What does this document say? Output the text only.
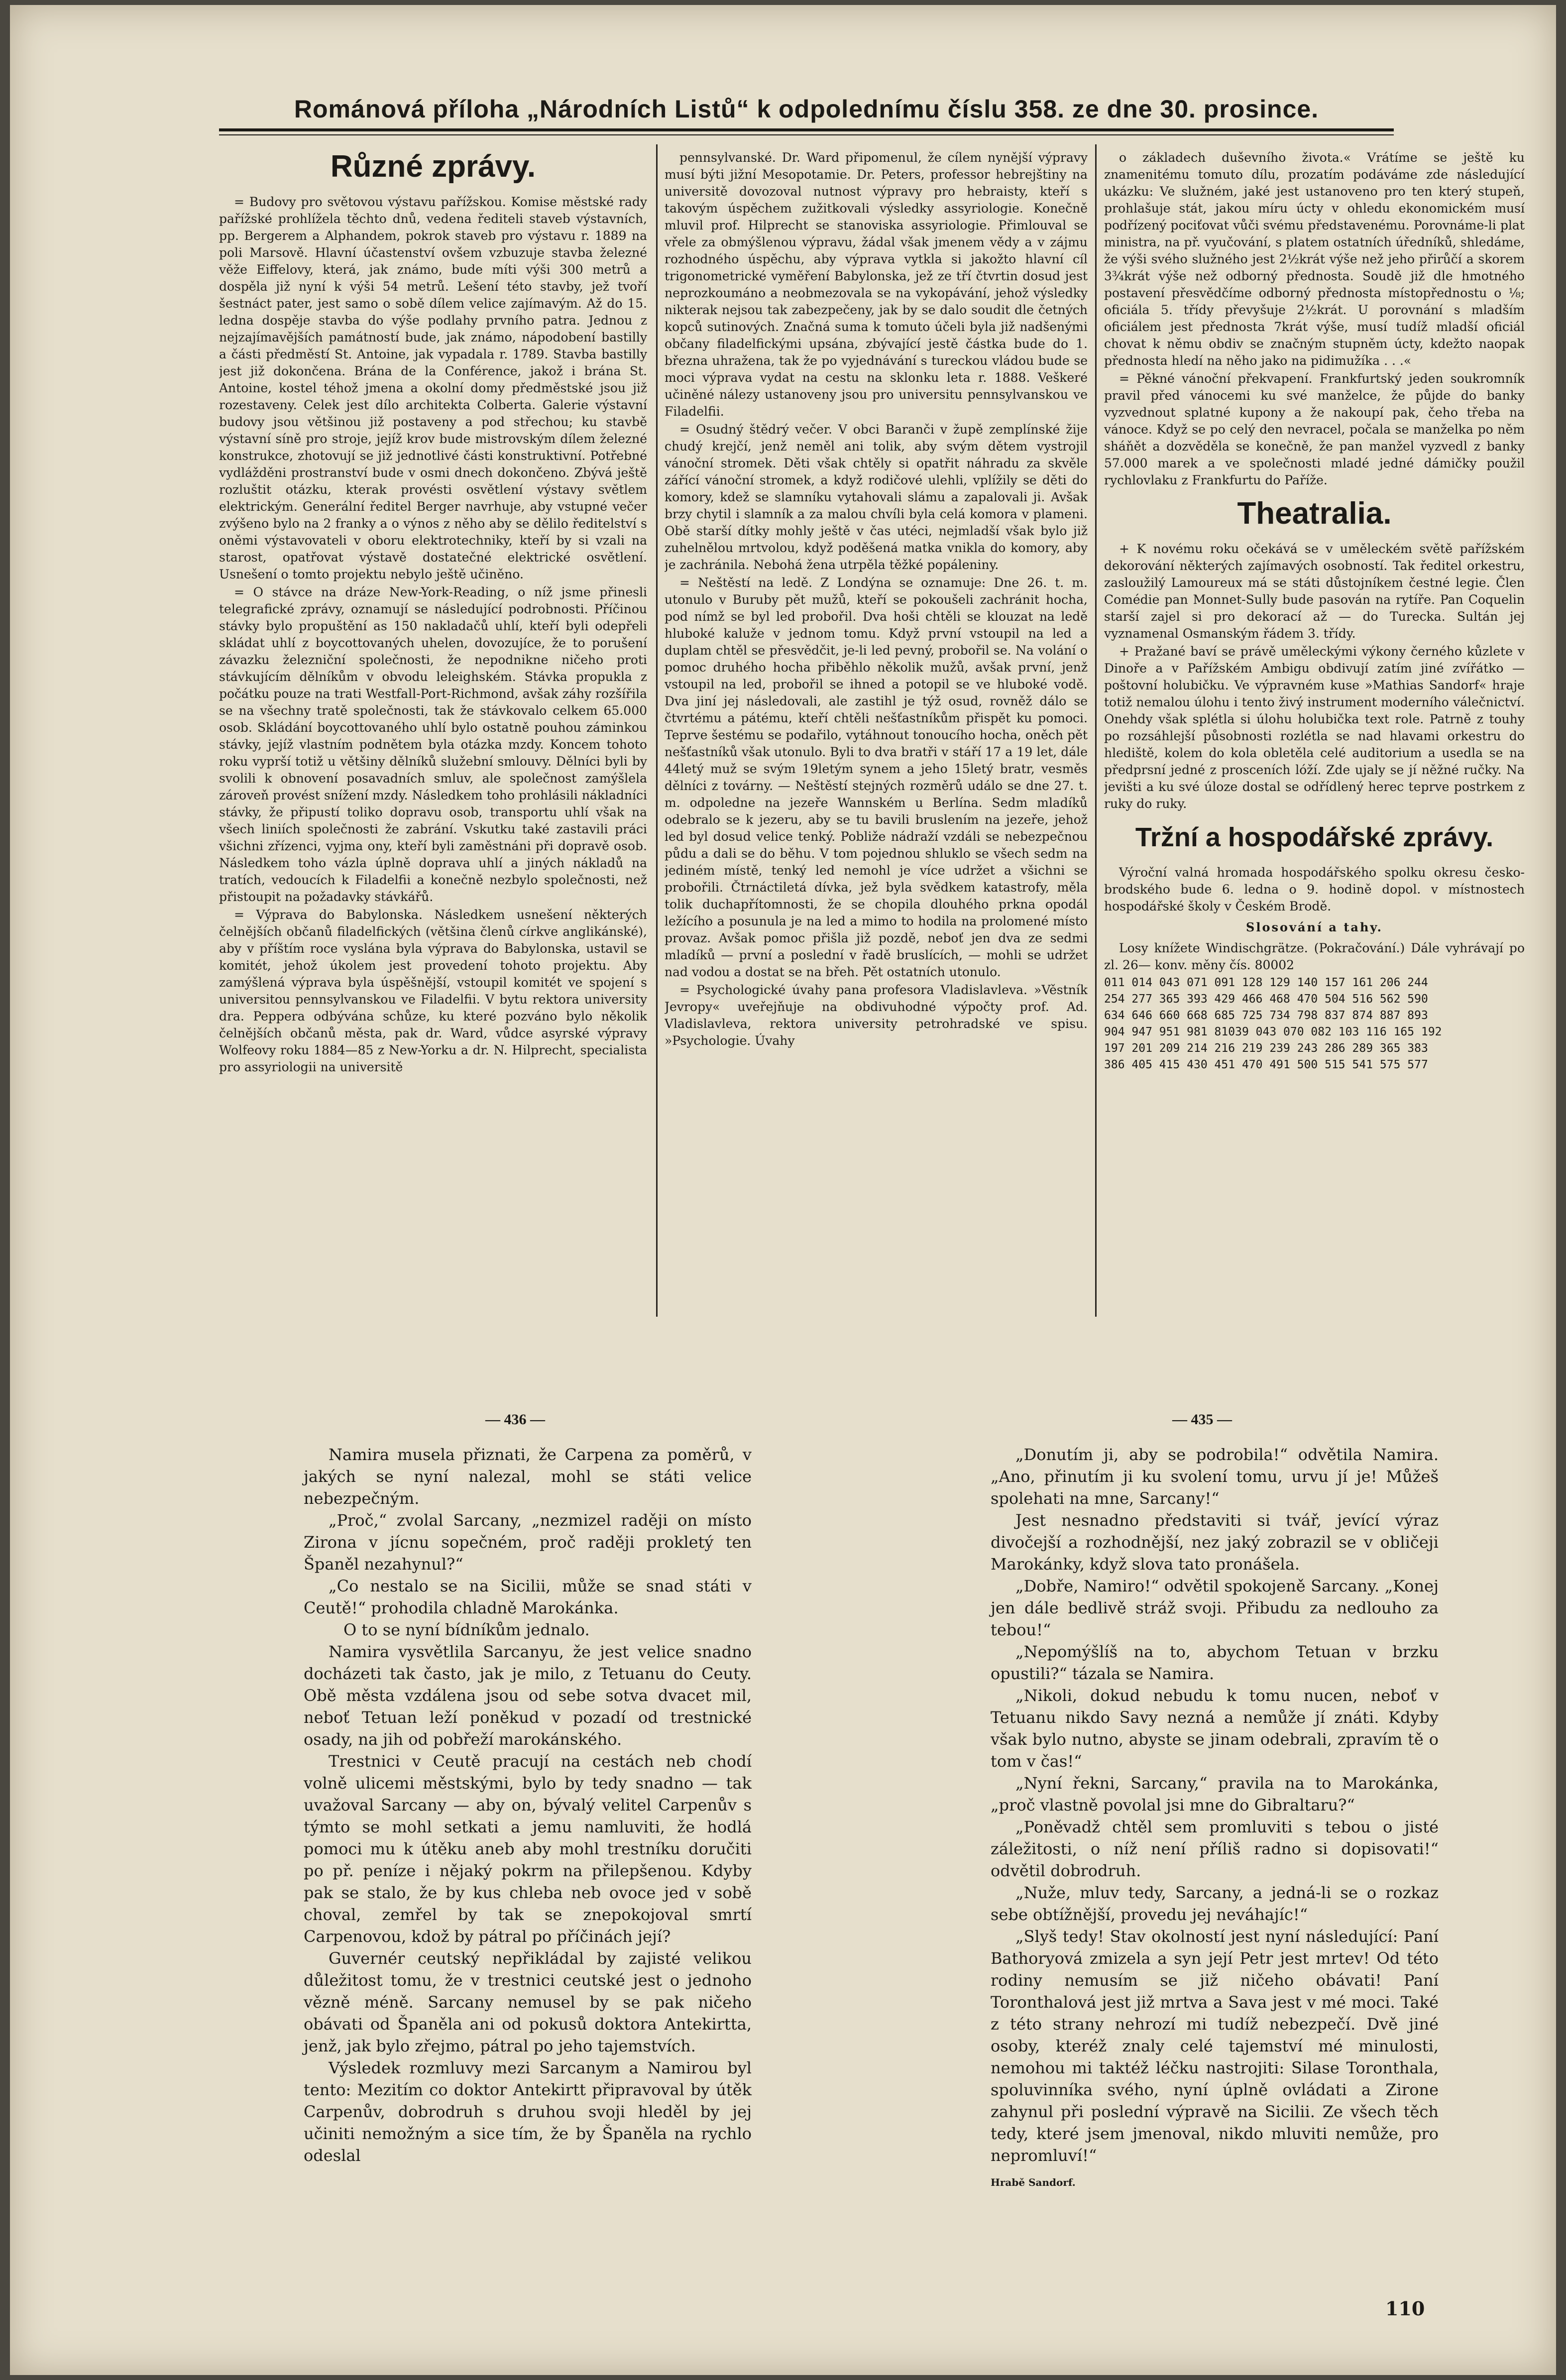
Románová příloha „Národních Listů“ k odpolednímu číslu 358. ze dne 30. prosince.
Různé zprávy.

= Budovy pro světovou výstavu pařížskou. Komise městské rady pařížské prohlížela těchto dnů, vedena řediteli staveb výstavních, pp. Bergerem a Alphandem, pokrok staveb pro výstavu r. 1889 na poli Marsově. Hlavní účastenství ovšem vzbuzuje stavba železné věže Eiffelovy, která, jak známo, bude míti výši 300 metrů a dospěla již nyní k výši 54 metrů. Lešení této stavby, jež tvoří šestnáct pater, jest samo o sobě dílem velice zajímavým. Až do 15. ledna dospěje stavba do výše podlahy prvního patra. Jednou z nejzajímavějších památností bude, jak známo, nápodobení bastilly a části předměstí St. Antoine, jak vypadala r. 1789. Stavba bastilly jest již dokončena. Brána de la Conférence, jakož i brána St. Antoine, kostel téhož jmena a okolní domy předměstské jsou již rozestaveny. Celek jest dílo architekta Colberta. Galerie výstavní budovy jsou většinou již postaveny a pod střechou; ku stavbě výstavní síně pro stroje, jejíž krov bude mistrovským dílem železné konstrukce, zhotovují se již jednotlivé části konstruktivní. Potřebné vydlážděni prostranství bude v osmi dnech dokončeno. Zbývá ještě rozluštit otázku, kterak provésti osvětlení výstavy světlem elektrickým. Generální ředitel Berger navrhuje, aby vstupné večer zvýšeno bylo na 2 franky a o výnos z něho aby se dělilo ředitelství s oněmi výstavovateli v oboru elektrotechniky, kteří by si vzali na starost, opatřovat výstavě dostatečné elektrické osvětlení. Usnešení o tomto projektu nebylo ještě učiněno.

= O stávce na dráze New-York-Reading, o níž jsme přinesli telegrafické zprávy, oznamují se následující podrobnosti. Příčinou stávky bylo propuštění as 150 nakladačů uhlí, kteří byli odepřeli skládat uhlí z boycottovaných uhelen, dovozujíce, že to porušení závazku železniční společnosti, že nepodnikne ničeho proti stávkujícím dělníkům v obvodu leleighském. Stávka propukla z počátku pouze na trati Westfall-Port-Richmond, avšak záhy rozšířila se na všechny tratě společnosti, tak že stávkovalo celkem 65.000 osob. Skládání boycottovaného uhlí bylo ostatně pouhou záminkou stávky, jejíž vlastním podnětem byla otázka mzdy. Koncem tohoto roku vyprší totiž u většiny dělníků služební smlouvy. Dělníci byli by svolili k obnovení posavadních smluv, ale společnost zamýšlela zároveň provést snížení mzdy. Následkem toho prohlásili nákladníci stávky, že připustí toliko dopravu osob, transportu uhlí však na všech liniích společnosti že zabrání. Vskutku také zastavili práci všichni zřízenci, vyjma ony, kteří byli zaměstnáni při dopravě osob. Následkem toho vázla úplně doprava uhlí a jiných nákladů na tratích, vedoucích k Filadelfii a konečně nezbylo společnosti, než přistoupit na požadavky stávkářů.

= Výprava do Babylonska. Následkem usnešení některých čelnějších občanů filadelfických (většina členů církve anglikánské), aby v příštím roce vyslána byla výprava do Babylonska, ustavil se komitét, jehož úkolem jest provedení tohoto projektu. Aby zamýšlená výprava byla úspěšnější, vstoupil komitét ve spojení s universitou pennsylvanskou ve Filadelfii. V bytu rektora university dra. Peppera odbývána schůze, ku které pozváno bylo několik čelnějších občanů města, pak dr. Ward, vůdce asyrské výpravy Wolfeovy roku 1884—85 z New-Yorku a dr. N. Hilprecht, specialista pro assyriologii na universitě

pennsylvanské. Dr. Ward připomenul, že cílem nynější výpravy musí býti jižní Mesopotamie. Dr. Peters, professor hebrejštiny na universitě dovozoval nutnost výpravy pro hebraisty, kteří s takovým úspěchem zužitkovali výsledky assyriologie. Konečně mluvil prof. Hilprecht se stanoviska assyriologie. Přimlouval se vřele za obmýšlenou výpravu, žádal však jmenem vědy a v zájmu rozhodného úspěchu, aby výprava vytkla si jakožto hlavní cíl trigonometrické vyměření Babylonska, jež ze tří čtvrtin dosud jest neprozkoumáno a neobmezovala se na vykopávání, jehož výsledky nikterak nejsou tak zabezpečeny, jak by se dalo soudit dle četných kopců sutinových. Značná suma k tomuto účeli byla již nadšenými občany filadelfickými upsána, zbývající jestě částka bude do 1. března uhražena, tak že po vyjednávání s tureckou vládou bude se moci výprava vydat na cestu na sklonku leta r. 1888. Veškeré učiněné nálezy ustanoveny jsou pro universitu pennsylvanskou ve Filadelfii.

= Osudný štědrý večer. V obci Baranči v župě zemplínské žije chudý krejčí, jenž neměl ani tolik, aby svým dětem vystrojil vánoční stromek. Děti však chtěly si opatřit náhradu za skvěle zářící vánoční stromek, a když rodičové ulehli, vplížily se děti do komory, kdež se slamníku vytahovali slámu a zapalovali ji. Avšak brzy chytil i slamník a za malou chvíli byla celá komora v plameni. Obě starší dítky mohly ještě v čas utéci, nejmladší však bylo již zuhelnělou mrtvolou, když poděšená matka vnikla do komory, aby je zachránila. Nebohá žena utrpěla těžké popáleniny.

= Neštěstí na ledě. Z Londýna se oznamuje: Dne 26. t. m. utonulo v Buruby pět mužů, kteří se pokoušeli zachránit hocha, pod nímž se byl led probořil. Dva hoši chtěli se klouzat na ledě hluboké kaluže v jednom tomu. Když první vstoupil na led a duplam chtěl se přesvědčit, je-li led pevný, probořil se. Na volání o pomoc druhého hocha přiběhlo několik mužů, avšak první, jenž vstoupil na led, probořil se ihned a potopil se ve hluboké vodě. Dva jiní jej následovali, ale zastihl je týž osud, rovněž dálo se čtvrtému a pátému, kteří chtěli nešťastníkům přispět ku pomoci. Teprve šestému se podařilo, vytáhnout tonoucího hocha, oněch pět nešťastníků však utonulo. Byli to dva bratři v stáří 17 a 19 let, dále 44letý muž se svým 19letým synem a jeho 15letý bratr, vesměs dělníci z továrny. — Neštěstí stejných rozměrů událo se dne 27. t. m. odpoledne na jezeře Wannském u Berlína. Sedm mladíků odebralo se k jezeru, aby se tu bavili bruslením na jezeře, jehož led byl dosud velice tenký. Pobliže nádraží vzdáli se nebezpečnou půdu a dali se do běhu. V tom pojednou shluklo se všech sedm na jediném místě, tenký led nemohl je více udržet a všichni se probořili. Čtrnáctiletá dívka, jež byla svědkem katastrofy, měla tolik duchapřítomnosti, že se chopila dlouhého prkna opodál ležícího a posunula je na led a mimo to hodila na prolomené místo provaz. Avšak pomoc přišla již pozdě, neboť jen dva ze sedmi mladíků — první a poslední v řadě bruslících, — mohli se udržet nad vodou a dostat se na břeh. Pět ostatních utonulo.

= Psychologické úvahy pana profesora Vladislavleva. »Věstník Jevropy« uveřejňuje na obdivuhodné výpočty prof. Ad. Vladislavleva, rektora university petrohradské ve spisu. »Psychologie. Úvahy

o základech duševního života.« Vrátíme se ještě ku znamenitému tomuto dílu, prozatím podáváme zde následující ukázku: Ve služném, jaké jest ustanoveno pro ten který stupeň, prohlašuje stát, jakou míru úcty v ohledu ekonomickém musí podřízený pociťovat vůči svému představenému. Porovnáme-li plat ministra, na př. vyučování, s platem ostatních úředníků, shledáme, že výši svého služného jest 2½krát výše než jeho přirůčí a skorem 3¾krát výše než odborný přednosta. Soudě již dle hmotného postavení přesvědčíme odborný přednosta místopřednostu o ⅛; oficiála 5. třídy převyšuje 2½krát. U porovnání s mladším oficiálem jest přednosta 7krát výše, musí tudíž mladší oficiál chovat k němu obdiv se značným stupněm úcty, kdežto naopak přednosta hledí na něho jako na pidimužíka . . .«

= Pěkné vánoční překvapení. Frankfurtský jeden soukromník pravil před vánocemi ku své manželce, že půjde do banky vyzvednout splatné kupony a že nakoupí pak, čeho třeba na vánoce. Když se po celý den nevracel, počala se manželka po něm sháňět a dozvěděla se konečně, že pan manžel vyzvedl z banky 57.000 marek a ve společnosti mladé jedné dámičky použil rychlovlaku z Frankfurtu do Paříže.

Theatralia.

+ K novému roku očekává se v uměleckém světě pařížském dekorování některých zajímavých osobností. Tak ředitel orkestru, zasloužilý Lamoureux má se státi důstojníkem čestné legie. Člen Comédie pan Monnet-Sully bude pasován na rytíře. Pan Coquelin starší zajel si pro dekorací až — do Turecka. Sultán jej vyznamenal Osmanským řádem 3. třídy.

+ Pražané baví se právě uměleckými výkony černého kůzlete v Dinoře a v Pařížském Ambigu obdivují zatím jiné zvířátko — poštovní holubičku. Ve výpravném kuse »Mathias Sandorf« hraje totiž nemalou úlohu i tento živý instrument moderního válečnictví. Onehdy však splétla si úlohu holubička text role. Patrně z touhy po rozsáhlejší působnosti rozlétla se nad hlavami orkestru do hlediště, kolem do kola obletěla celé auditorium a usedla se na předprsní jedné z prosceních lóží. Zde ujaly se jí něžné ručky. Na jevišti a ku své úloze dostal se odřídlený herec teprve postrkem z ruky do ruky.

Tržní a hospodářské zprávy.

Výroční valná hromada hospodářského spolku okresu česko-brodského bude 6. ledna o 9. hodině dopol. v místnostech hospodářské školy v Českém Brodě.

Slosování a tahy.

Losy knížete Windischgrätze. (Pokračování.) Dále vyhrávají po zl. 26— konv. měny čís. 80002

011 014 043 071 091 128 129 140 157 161 206 244
254 277 365 393 429 466 468 470 504 516 562 590
634 646 660 668 685 725 734 798 837 874 887 893
904 947 951 981 81039 043 070 082 103 116 165 192
197 201 209 214 216 219 239 243 286 289 365 383
386 405 415 430 451 470 491 500 515 541 575 577
— 436 —	— 435 —

Namira musela přiznati, že Carpena za poměrů, v jakých se nyní nalezal, mohl se státi velice nebezpečným.

„Proč,“ zvolal Sarcany, „nezmizel raději on místo Zirona v jícnu sopečném, proč raději prokletý ten Španěl nezahynul?“

„Co nestalo se na Sicilii, může se snad státi v Ceutě!“ prohodila chladně Marokánka.

O to se nyní bídníkům jednalo.

Namira vysvětlila Sarcanyu, že jest velice snadno docházeti tak často, jak je milo, z Tetuanu do Ceuty. Obě města vzdálena jsou od sebe sotva dvacet mil, neboť Tetuan leží poněkud v pozadí od trestnické osady, na jih od pobřeží marokánského.

Trestnici v Ceutě pracují na cestách neb chodí volně ulicemi městskými, bylo by tedy snadno — tak uvažoval Sarcany — aby on, bývalý velitel Carpenův s týmto se mohl setkati a jemu namluviti, že hodlá pomoci mu k útěku aneb aby mohl trestníku doručiti po př. peníze i nějaký pokrm na přilepšenou. Kdyby pak se stalo, že by kus chleba neb ovoce jed v sobě choval, zemřel by tak se znepokojoval smrtí Carpenovou, kdož by pátral po příčinách její?

Guvernér ceutský nepřikládal by zajisté velikou důležitost tomu, že v trestnici ceutské jest o jednoho vězně méně. Sarcany nemusel by se pak ničeho obávati od Španěla ani od pokusů doktora Antekirtta, jenž, jak bylo zřejmo, pátral po jeho tajemstvích.

Výsledek rozmluvy mezi Sarcanym a Namirou byl tento: Mezitím co doktor Antekirtt připravoval by útěk Carpenův, dobrodruh s druhou svoji hleděl by jej učiniti nemožným a sice tím, že by Španěla na rychlo odeslal

„Donutím ji, aby se podrobila!“ odvětila Namira. „Ano, přinutím ji ku svolení tomu, urvu jí je! Můžeš spolehati na mne, Sarcany!“

Jest nesnadno představiti si tvář, jevící výraz divočejší a rozhodnější, nez jaký zobrazil se v obličeji Marokánky, když slova tato pronášela.

„Dobře, Namiro!“ odvětil spokojeně Sarcany. „Konej jen dále bedlivě stráž svoji. Přibudu za nedlouho za tebou!“

„Nepomýšlíš na to, abychom Tetuan v brzku opustili?“ tázala se Namira.

„Nikoli, dokud nebudu k tomu nucen, neboť v Tetuanu nikdo Savy nezná a nemůže jí znáti. Kdyby však bylo nutno, abyste se jinam odebrali, zpravím tě o tom v čas!“

„Nyní řekni, Sarcany,“ pravila na to Marokánka, „proč vlastně povolal jsi mne do Gibraltaru?“

„Poněvadž chtěl sem promluviti s tebou o jisté záležitosti, o níž není příliš radno si dopisovati!“ odvětil dobrodruh.

„Nuže, mluv tedy, Sarcany, a jedná-li se o rozkaz sebe obtížnější, provedu jej neváhajíc!“

„Slyš tedy! Stav okolností jest nyní následující: Paní Bathoryová zmizela a syn její Petr jest mrtev! Od této rodiny nemusím se již ničeho obávati! Paní Toronthalová jest již mrtva a Sava jest v mé moci. Také z této strany nehrozí mi tudíž nebezpečí. Dvě jiné osoby, kteréž znaly celé tajemství mé minulosti, nemohou mi taktéž léčku nastrojiti: Silase Toronthala, spoluvinníka svého, nyní úplně ovládati a Zirone zahynul při poslední výpravě na Sicilii. Ze všech těch tedy, které jsem jmenoval, nikdo mluviti nemůže, pro nepromluví!“

Hrabě Sandorf.

110
